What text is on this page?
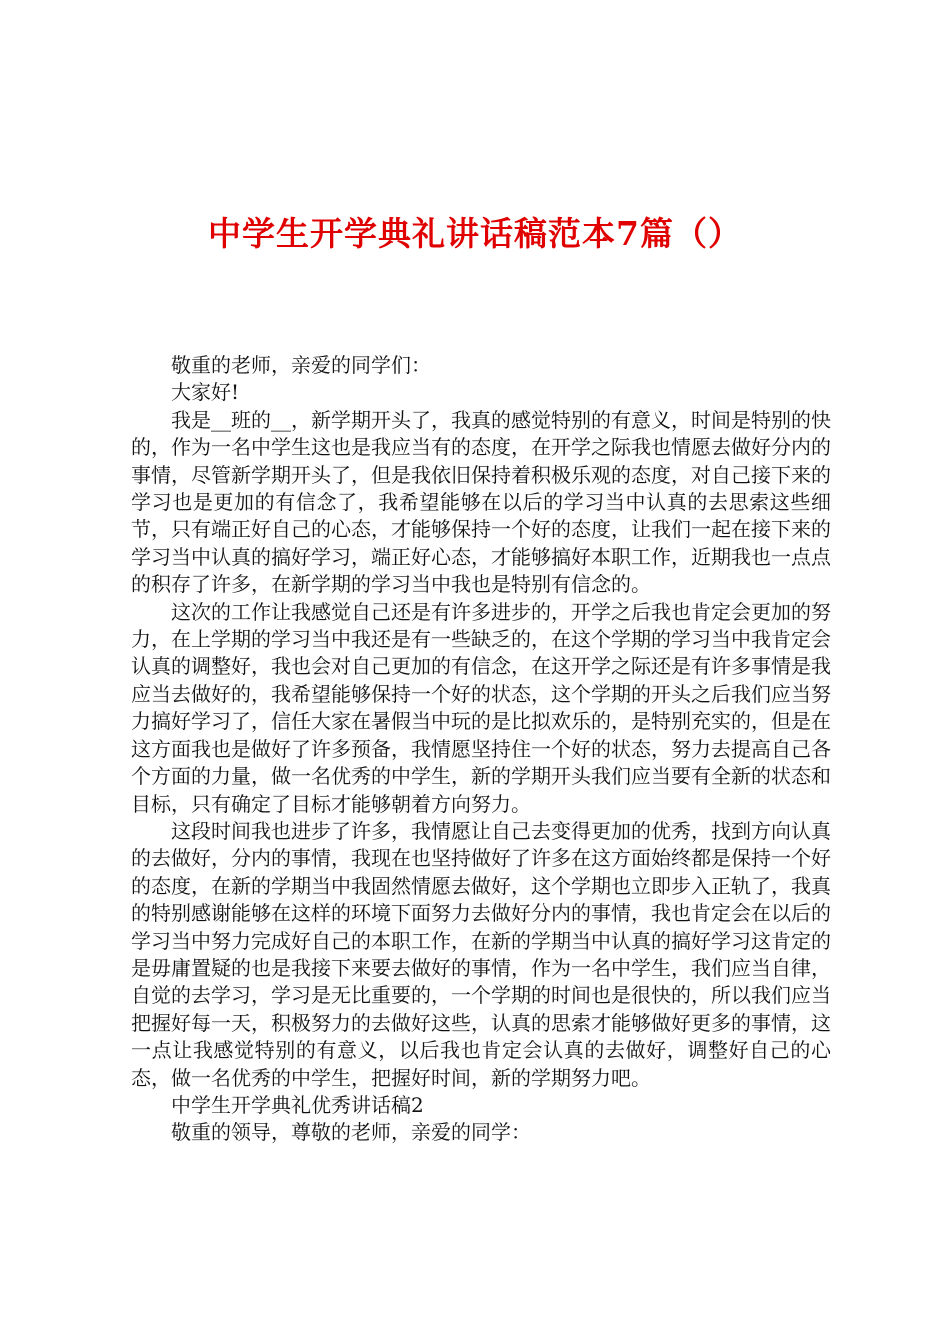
中学生开学典礼讲话稿范本7篇（）

敬重的老师，亲爱的同学们：

大家好!

我是__班的__，新学期开头了，我真的感觉特别的有意义，时间是特别的快的，作为一名中学生这也是我应当有的态度，在开学之际我也情愿去做好分内的事情，尽管新学期开头了，但是我依旧保持着积极乐观的态度，对自己接下来的学习也是更加的有信念了，我希望能够在以后的学习当中认真的去思索这些细节，只有端正好自己的心态，才能够保持一个好的态度，让我们一起在接下来的学习当中认真的搞好学习，端正好心态，才能够搞好本职工作，近期我也一点点的积存了许多，在新学期的学习当中我也是特别有信念的。

这次的工作让我感觉自己还是有许多进步的，开学之后我也肯定会更加的努力，在上学期的学习当中我还是有一些缺乏的，在这个学期的学习当中我肯定会认真的调整好，我也会对自己更加的有信念，在这开学之际还是有许多事情是我应当去做好的，我希望能够保持一个好的状态，这个学期的开头之后我们应当努力搞好学习了，信任大家在暑假当中玩的是比拟欢乐的，是特别充实的，但是在这方面我也是做好了许多预备，我情愿坚持住一个好的状态，努力去提高自己各个方面的力量，做一名优秀的中学生，新的学期开头我们应当要有全新的状态和目标，只有确定了目标才能够朝着方向努力。

这段时间我也进步了许多，我情愿让自己去变得更加的优秀，找到方向认真的去做好，分内的事情，我现在也坚持做好了许多在这方面始终都是保持一个好的态度，在新的学期当中我固然情愿去做好，这个学期也立即步入正轨了，我真的特别感谢能够在这样的环境下面努力去做好分内的事情，我也肯定会在以后的学习当中努力完成好自己的本职工作，在新的学期当中认真的搞好学习这肯定的是毋庸置疑的也是我接下来要去做好的事情，作为一名中学生，我们应当自律，自觉的去学习，学习是无比重要的，一个学期的时间也是很快的，所以我们应当把握好每一天，积极努力的去做好这些，认真的思索才能够做好更多的事情，这一点让我感觉特别的有意义，以后我也肯定会认真的去做好，调整好自己的心态，做一名优秀的中学生，把握好时间，新的学期努力吧。

中学生开学典礼优秀讲话稿2

敬重的领导，尊敬的老师，亲爱的同学：
